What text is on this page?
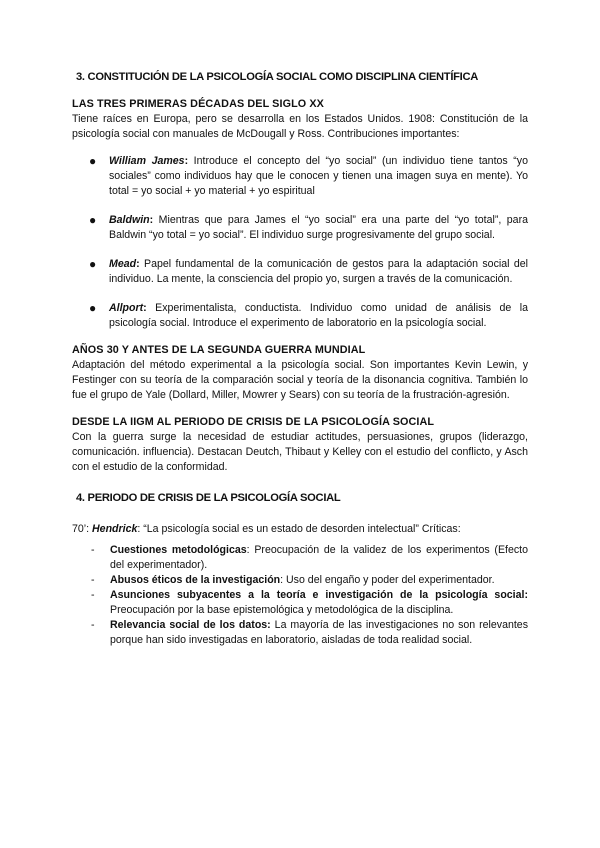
3. CONSTITUCIÓN DE LA PSICOLOGÍA SOCIAL COMO DISCIPLINA CIENTÍFICA
LAS TRES PRIMERAS DÉCADAS DEL SIGLO XX

Tiene raíces en Europa, pero se desarrolla en los Estados Unidos. 1908: Constitución de la psicología social con manuales de McDougall y Ross. Contribuciones importantes:

● William James: Introduce el concepto del “yo social” (un individuo tiene tantos “yo sociales” como individuos hay que le conocen y tienen una imagen suya en mente). Yo total = yo social + yo material + yo espiritual
● Baldwin: Mientras que para James el “yo social” era una parte del “yo total”, para Baldwin “yo total = yo social”. El individuo surge progresivamente del grupo social.
● Mead: Papel fundamental de la comunicación de gestos para la adaptación social del individuo. La mente, la consciencia del propio yo, surgen a través de la comunicación.
● Allport: Experimentalista, conductista. Individuo como unidad de análisis de la psicología social. Introduce el experimento de laboratorio en la psicología social.
AÑOS 30 Y ANTES DE LA SEGUNDA GUERRA MUNDIAL

Adaptación del método experimental a la psicología social. Son importantes Kevin Lewin, y Festinger con su teoría de la comparación social y teoría de la disonancia cognitiva. También lo fue el grupo de Yale (Dollard, Miller, Mowrer y Sears) con su teoría de la frustración-agresión.

DESDE LA IIGM AL PERIODO DE CRISIS DE LA PSICOLOGÍA SOCIAL

Con la guerra surge la necesidad de estudiar actitudes, persuasiones, grupos (liderazgo, comunicación. influencia). Destacan Deutch, Thibaut y Kelley con el estudio del conflicto, y Asch con el estudio de la conformidad.

4. PERIODO DE CRISIS DE LA PSICOLOGÍA SOCIAL

70’: Hendrick: “La psicología social es un estado de desorden intelectual” Críticas:

- Cuestiones metodológicas: Preocupación de la validez de los experimentos (Efecto del experimentador).
- Abusos éticos de la investigación: Uso del engaño y poder del experimentador.
- Asunciones subyacentes a la teoría e investigación de la psicología social: Preocupación por la base epistemológica y metodológica de la disciplina.
- Relevancia social de los datos: La mayoría de las investigaciones no son relevantes porque han sido investigadas en laboratorio, aisladas de toda realidad social.
